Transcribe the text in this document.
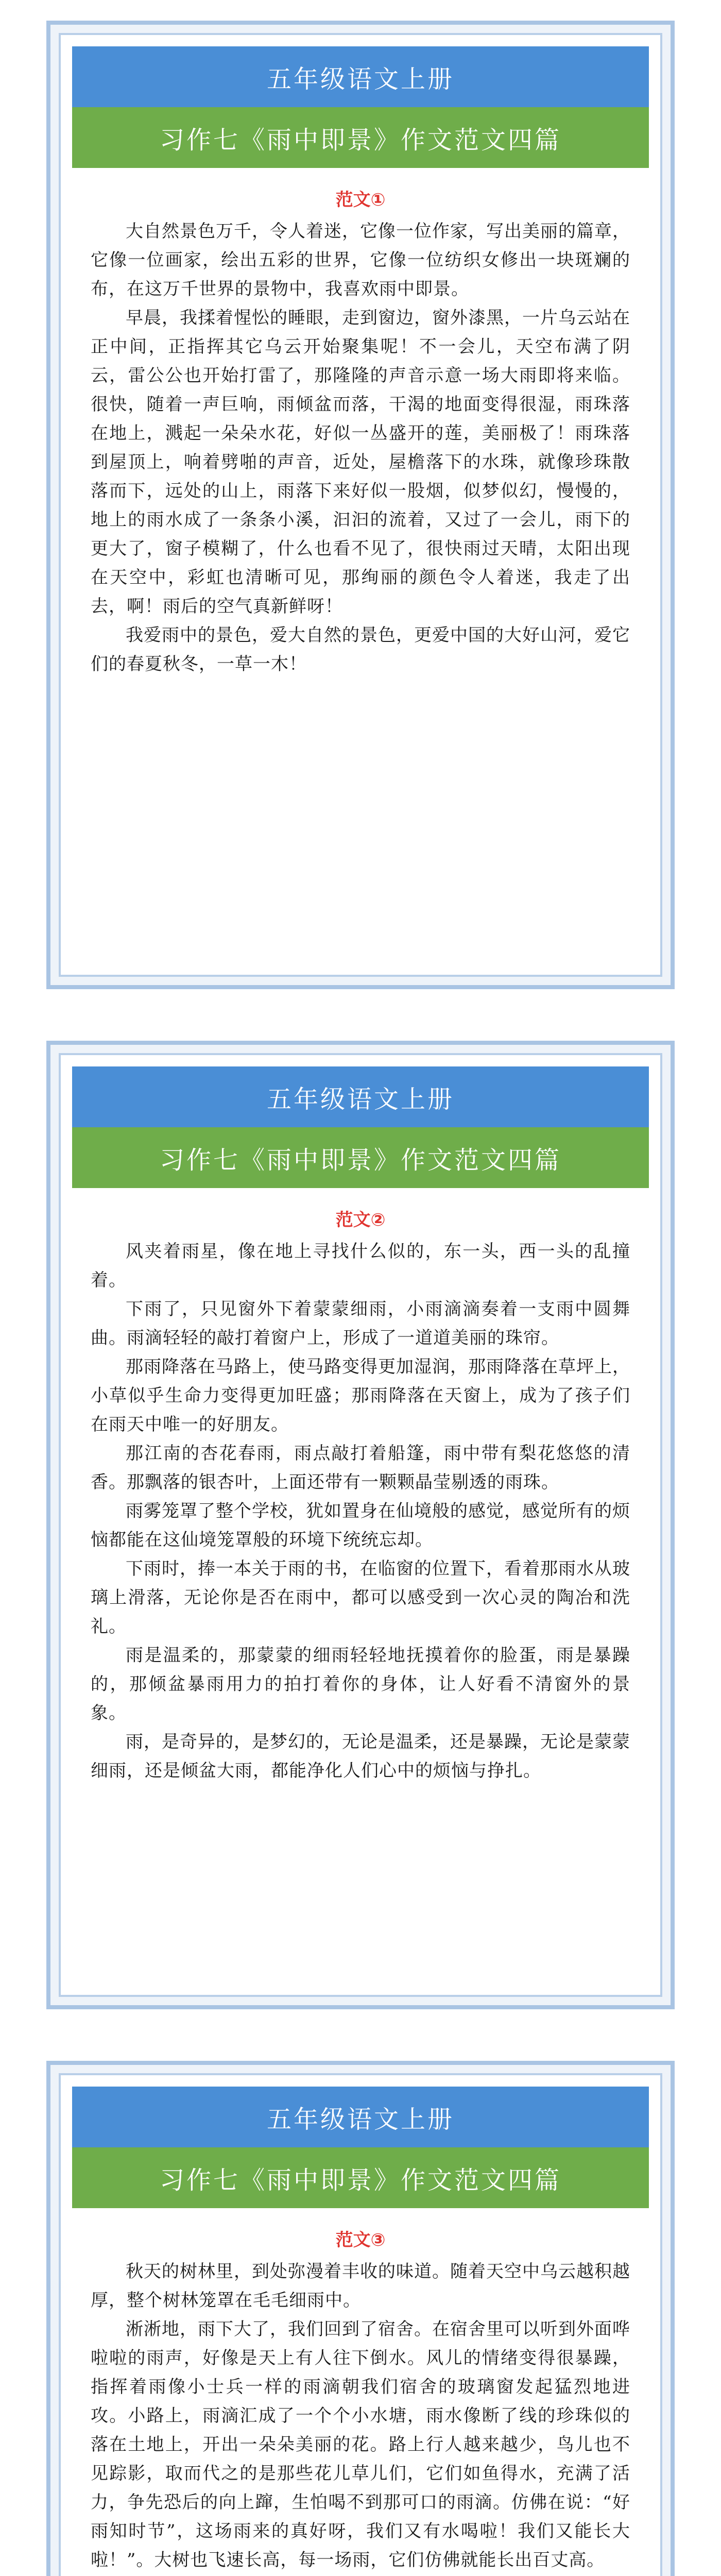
五年级语文上册
习作七《雨中即景》作文范文四篇
范文①

大自然景色万千，令人着迷，它像一位作家，写出美丽的篇章，它像一位画家，绘出五彩的世界，它像一位纺织女修出一块斑斓的布，在这万千世界的景物中，我喜欢雨中即景。

早晨，我揉着惺忪的睡眼，走到窗边，窗外漆黑，一片乌云站在正中间，正指挥其它乌云开始聚集呢！不一会儿，天空布满了阴云，雷公公也开始打雷了，那隆隆的声音示意一场大雨即将来临。很快，随着一声巨响，雨倾盆而落，干渴的地面变得很湿，雨珠落在地上，溅起一朵朵水花，好似一丛盛开的莲，美丽极了！雨珠落到屋顶上，响着劈啪的声音，近处，屋檐落下的水珠，就像珍珠散落而下，远处的山上，雨落下来好似一股烟，似梦似幻，慢慢的，地上的雨水成了一条条小溪，汩汩的流着，又过了一会儿，雨下的更大了，窗子模糊了，什么也看不见了，很快雨过天晴，太阳出现在天空中，彩虹也清晰可见，那绚丽的颜色令人着迷，我走了出去，啊！雨后的空气真新鲜呀！

我爱雨中的景色，爱大自然的景色，更爱中国的大好山河，爱它们的春夏秋冬，一草一木！

五年级语文上册
习作七《雨中即景》作文范文四篇
范文②

风夹着雨星，像在地上寻找什么似的，东一头，西一头的乱撞着。

下雨了，只见窗外下着蒙蒙细雨，小雨滴滴奏着一支雨中圆舞曲。雨滴轻轻的敲打着窗户上，形成了一道道美丽的珠帘。

那雨降落在马路上，使马路变得更加湿润，那雨降落在草坪上，小草似乎生命力变得更加旺盛；那雨降落在天窗上，成为了孩子们在雨天中唯一的好朋友。

那江南的杏花春雨，雨点敲打着船篷，雨中带有梨花悠悠的清香。那飘落的银杏叶，上面还带有一颗颗晶莹剔透的雨珠。

雨雾笼罩了整个学校，犹如置身在仙境般的感觉，感觉所有的烦恼都能在这仙境笼罩般的环境下统统忘却。

下雨时，捧一本关于雨的书，在临窗的位置下，看着那雨水从玻璃上滑落，无论你是否在雨中，都可以感受到一次心灵的陶冶和洗礼。

雨是温柔的，那蒙蒙的细雨轻轻地抚摸着你的脸蛋，雨是暴躁的，那倾盆暴雨用力的拍打着你的身体，让人好看不清窗外的景象。

雨，是奇异的，是梦幻的，无论是温柔，还是暴躁，无论是蒙蒙细雨，还是倾盆大雨，都能净化人们心中的烦恼与挣扎。

五年级语文上册
习作七《雨中即景》作文范文四篇
范文③

秋天的树林里，到处弥漫着丰收的味道。随着天空中乌云越积越厚，整个树林笼罩在毛毛细雨中。

淅淅地，雨下大了，我们回到了宿舍。在宿舍里可以听到外面哗啦啦的雨声，好像是天上有人往下倒水。风儿的情绪变得很暴躁，指挥着雨像小士兵一样的雨滴朝我们宿舍的玻璃窗发起猛烈地进攻。小路上，雨滴汇成了一个个小水塘，雨水像断了线的珍珠似的落在土地上，开出一朵朵美丽的花。路上行人越来越少，鸟儿也不见踪影，取而代之的是那些花儿草儿们，它们如鱼得水，充满了活力，争先恐后的向上蹿，生怕喝不到那可口的雨滴。仿佛在说：“好雨知时节”，这场雨来的真好呀，我们又有水喝啦！我们又能长大啦！”。大树也飞速长高，每一场雨，它们仿佛就能长出百丈高。
